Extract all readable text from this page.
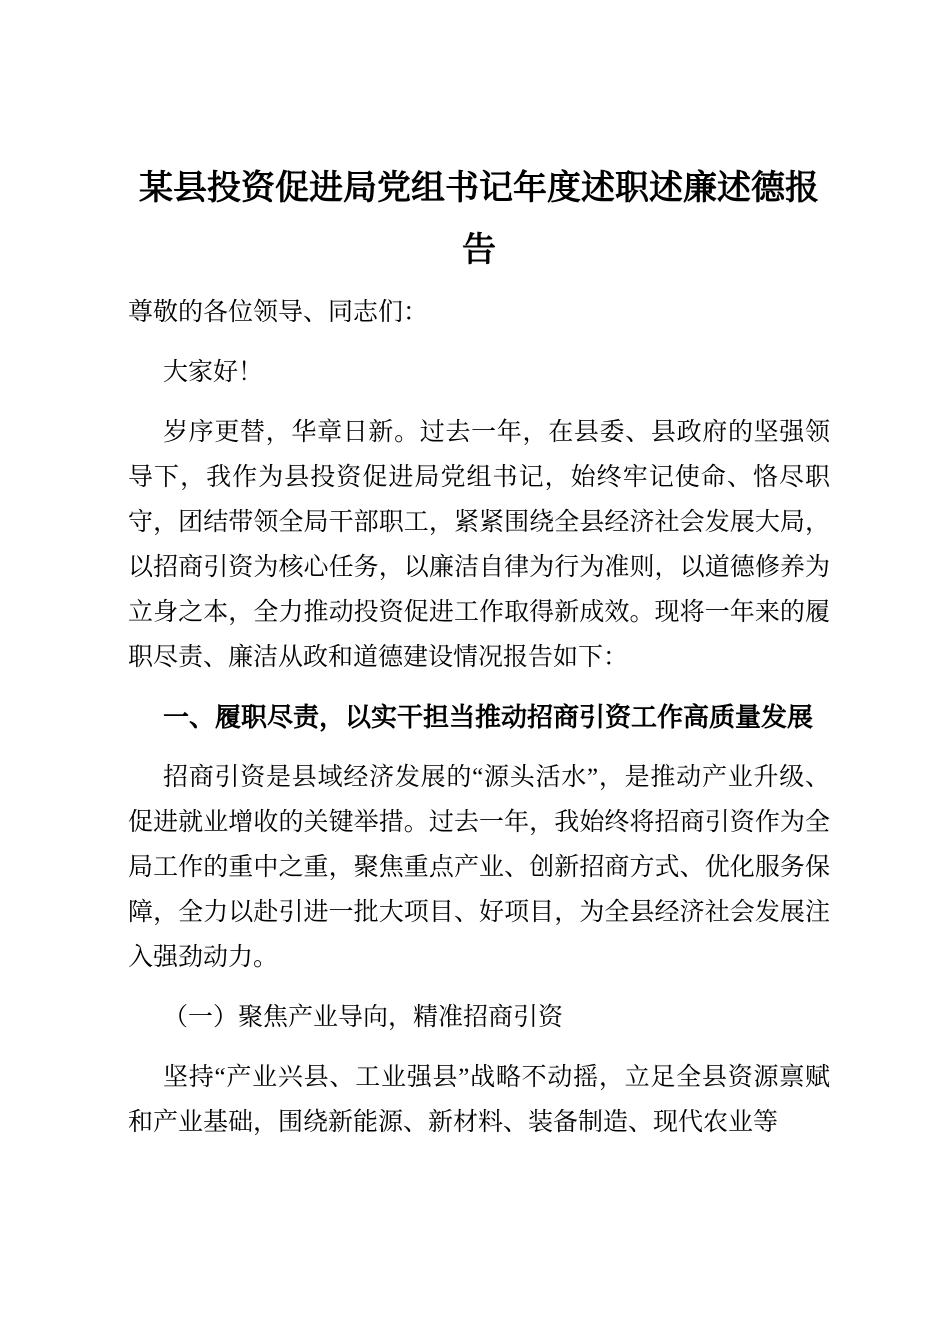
某县投资促进局党组书记年度述职述廉述德报告

尊敬的各位领导、同志们：

大家好！

岁序更替，华章日新。过去一年，在县委、县政府的坚强领导下，我作为县投资促进局党组书记，始终牢记使命、恪尽职守，团结带领全局干部职工，紧紧围绕全县经济社会发展大局，以招商引资为核心任务，以廉洁自律为行为准则，以道德修养为立身之本，全力推动投资促进工作取得新成效。现将一年来的履职尽责、廉洁从政和道德建设情况报告如下：

一、履职尽责，以实干担当推动招商引资工作高质量发展

招商引资是县域经济发展的“源头活水”，是推动产业升级、促进就业增收的关键举措。过去一年，我始终将招商引资作为全局工作的重中之重，聚焦重点产业、创新招商方式、优化服务保障，全力以赴引进一批大项目、好项目，为全县经济社会发展注入强劲动力。

（一）聚焦产业导向，精准招商引资

坚持“产业兴县、工业强县”战略不动摇，立足全县资源禀赋和产业基础，围绕新能源、新材料、装备制造、现代农业等
